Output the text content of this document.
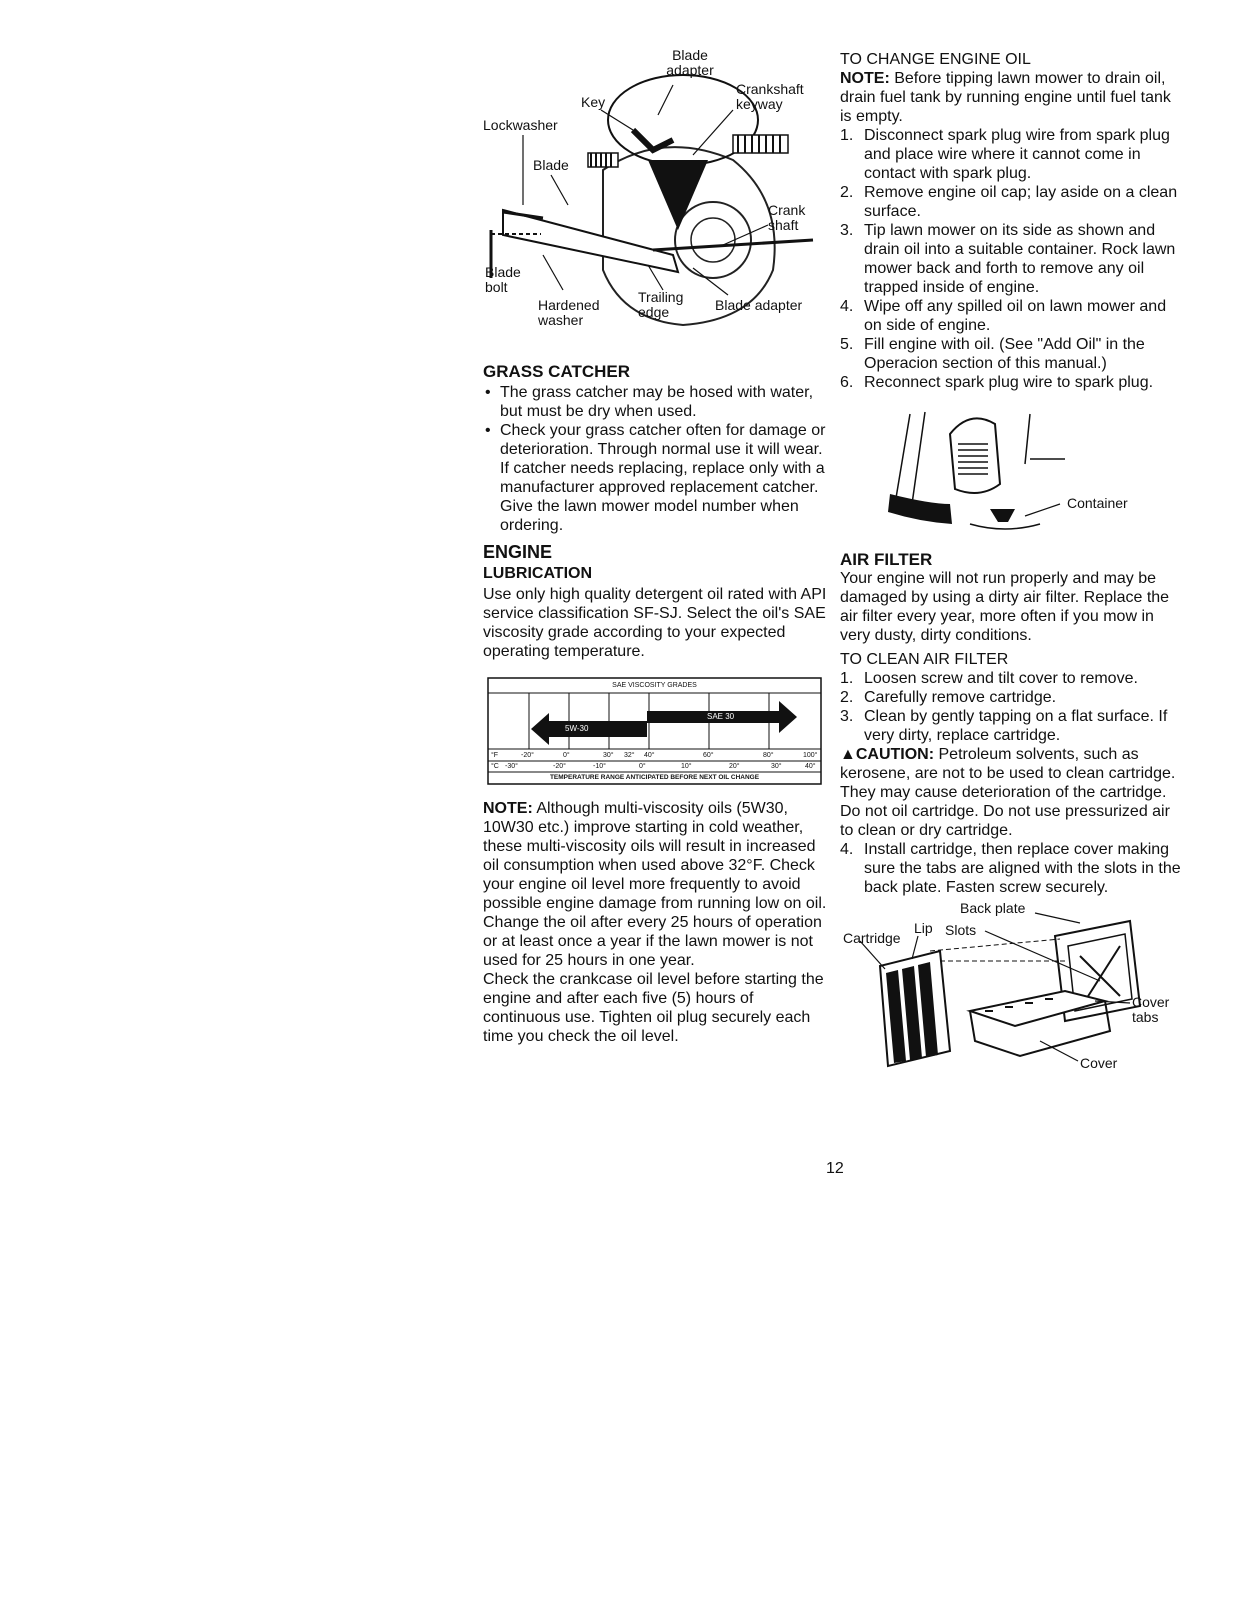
Blade adapter
Crankshaft keyway
Key
Lockwasher
Blade
Crank shaft
Blade bolt
Hardened washer
Trailing edge	Blade adapter
GRASS CATCHER
• The grass catcher may be hosed with water, but must be dry when used.
• Check your grass catcher often for damage or deterioration. Through normal use it will wear. If catcher needs replacing, replace only with a manufacturer approved replacement catcher. Give the lawn mower model number when ordering.
ENGINE
LUBRICATION

Use only high quality detergent oil rated with API service classification SF-SJ. Select the oil's SAE viscosity grade according to your expected operating temperature.

SAE VISCOSITY GRADES
SAE 30
5W-30
°F	-20°	0°	30° 32° 40°	60°	80°	100°
°C -30°	-20°	-10°	0°	10°	20°	30°	40°
TEMPERATURE RANGE ANTICIPATED BEFORE NEXT OIL CHANGE

NOTE: Although multi-viscosity oils (5W30, 10W30 etc.) improve starting in cold weather, these multi-viscosity oils will result in increased oil consumption when used above 32°F. Check your engine oil level more frequently to avoid possible engine damage from running low on oil.

Change the oil after every 25 hours of operation or at least once a year if the lawn mower is not used for 25 hours in one year.

Check the crankcase oil level before starting the engine and after each five (5) hours of continuous use. Tighten oil plug securely each time you check the oil level.

TO CHANGE ENGINE OIL

NOTE: Before tipping lawn mower to drain oil, drain fuel tank by running engine until fuel tank is empty.

1. Disconnect spark plug wire from spark plug and place wire where it cannot come in contact with spark plug.
2. Remove engine oil cap; lay aside on a clean surface.
3. Tip lawn mower on its side as shown and drain oil into a suitable container. Rock lawn mower back and forth to remove any oil trapped inside of engine.
4. Wipe off any spilled oil on lawn mower and on side of engine.
5. Fill engine with oil. (See "Add Oil" in the Operacion section of this manual.)
6. Reconnect spark plug wire to spark plug.
Container
AIR FILTER

Your engine will not run properly and may be damaged by using a dirty air filter. Replace the air filter every year, more often if you mow in very dusty, dirty conditions.

TO CLEAN AIR FILTER
1. Loosen screw and tilt cover to remove.
2. Carefully remove cartridge.
3. Clean by gently tapping on a flat surface. If very dirty, replace cartridge.

▲CAUTION: Petroleum solvents, such as kerosene, are not to be used to clean cartridge. They may cause deterioration of the cartridge. Do not oil cartridge. Do not use pressurized air to clean or dry cartridge.

4. Install cartridge, then replace cover making sure the tabs are aligned with the slots in the back plate. Fasten screw securely.
Back plate
Lip Slots
Cartridge
Cover tabs
Cover
12
